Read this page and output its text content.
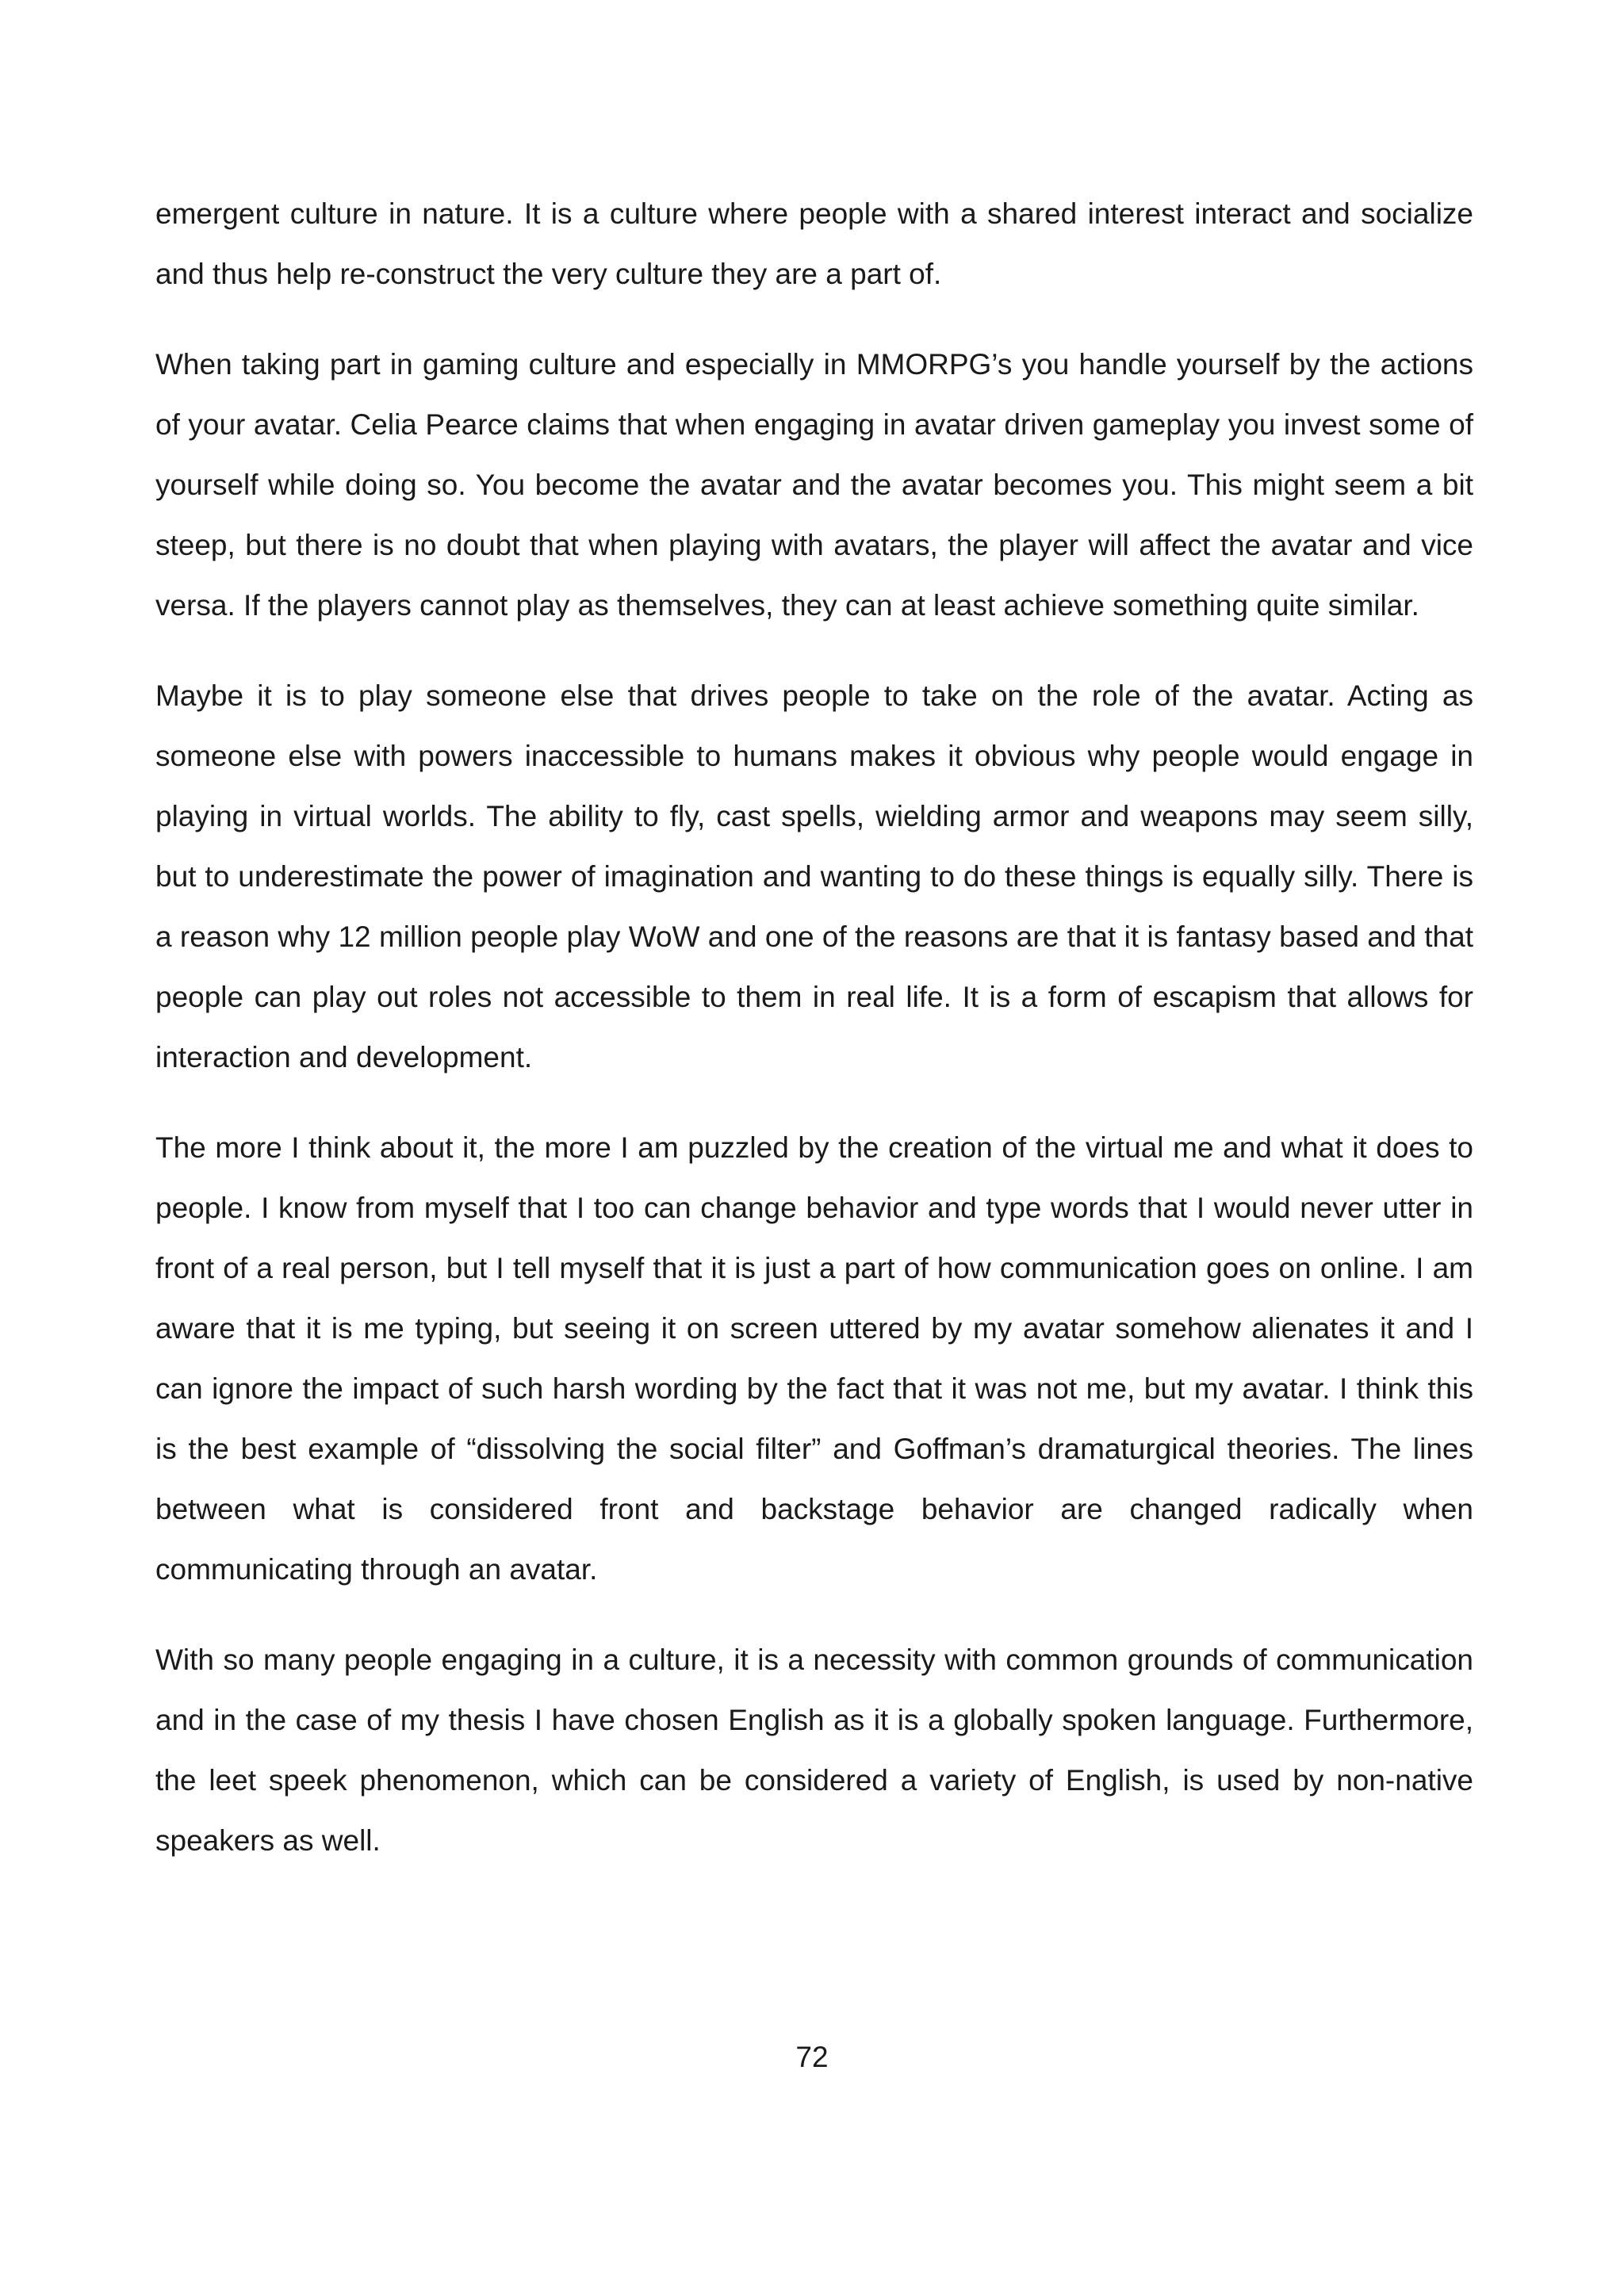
emergent culture in nature. It is a culture where people with a shared interest interact and socialize and thus help re-construct the very culture they are a part of.

When taking part in gaming culture and especially in MMORPG’s you handle yourself by the actions of your avatar. Celia Pearce claims that when engaging in avatar driven gameplay you invest some of yourself while doing so. You become the avatar and the avatar becomes you. This might seem a bit steep, but there is no doubt that when playing with avatars, the player will affect the avatar and vice versa. If the players cannot play as themselves, they can at least achieve something quite similar.

Maybe it is to play someone else that drives people to take on the role of the avatar. Acting as someone else with powers inaccessible to humans makes it obvious why people would engage in playing in virtual worlds. The ability to fly, cast spells, wielding armor and weapons may seem silly, but to underestimate the power of imagination and wanting to do these things is equally silly. There is a reason why 12 million people play WoW and one of the reasons are that it is fantasy based and that people can play out roles not accessible to them in real life. It is a form of escapism that allows for interaction and development.

The more I think about it, the more I am puzzled by the creation of the virtual me and what it does to people. I know from myself that I too can change behavior and type words that I would never utter in front of a real person, but I tell myself that it is just a part of how communication goes on online. I am aware that it is me typing, but seeing it on screen uttered by my avatar somehow alienates it and I can ignore the impact of such harsh wording by the fact that it was not me, but my avatar. I think this is the best example of “dissolving the social filter” and Goffman’s dramaturgical theories. The lines between what is considered front and backstage behavior are changed radically when communicating through an avatar.

With so many people engaging in a culture, it is a necessity with common grounds of communication and in the case of my thesis I have chosen English as it is a globally spoken language. Furthermore, the leet speek phenomenon, which can be considered a variety of English, is used by non-native speakers as well.

72
